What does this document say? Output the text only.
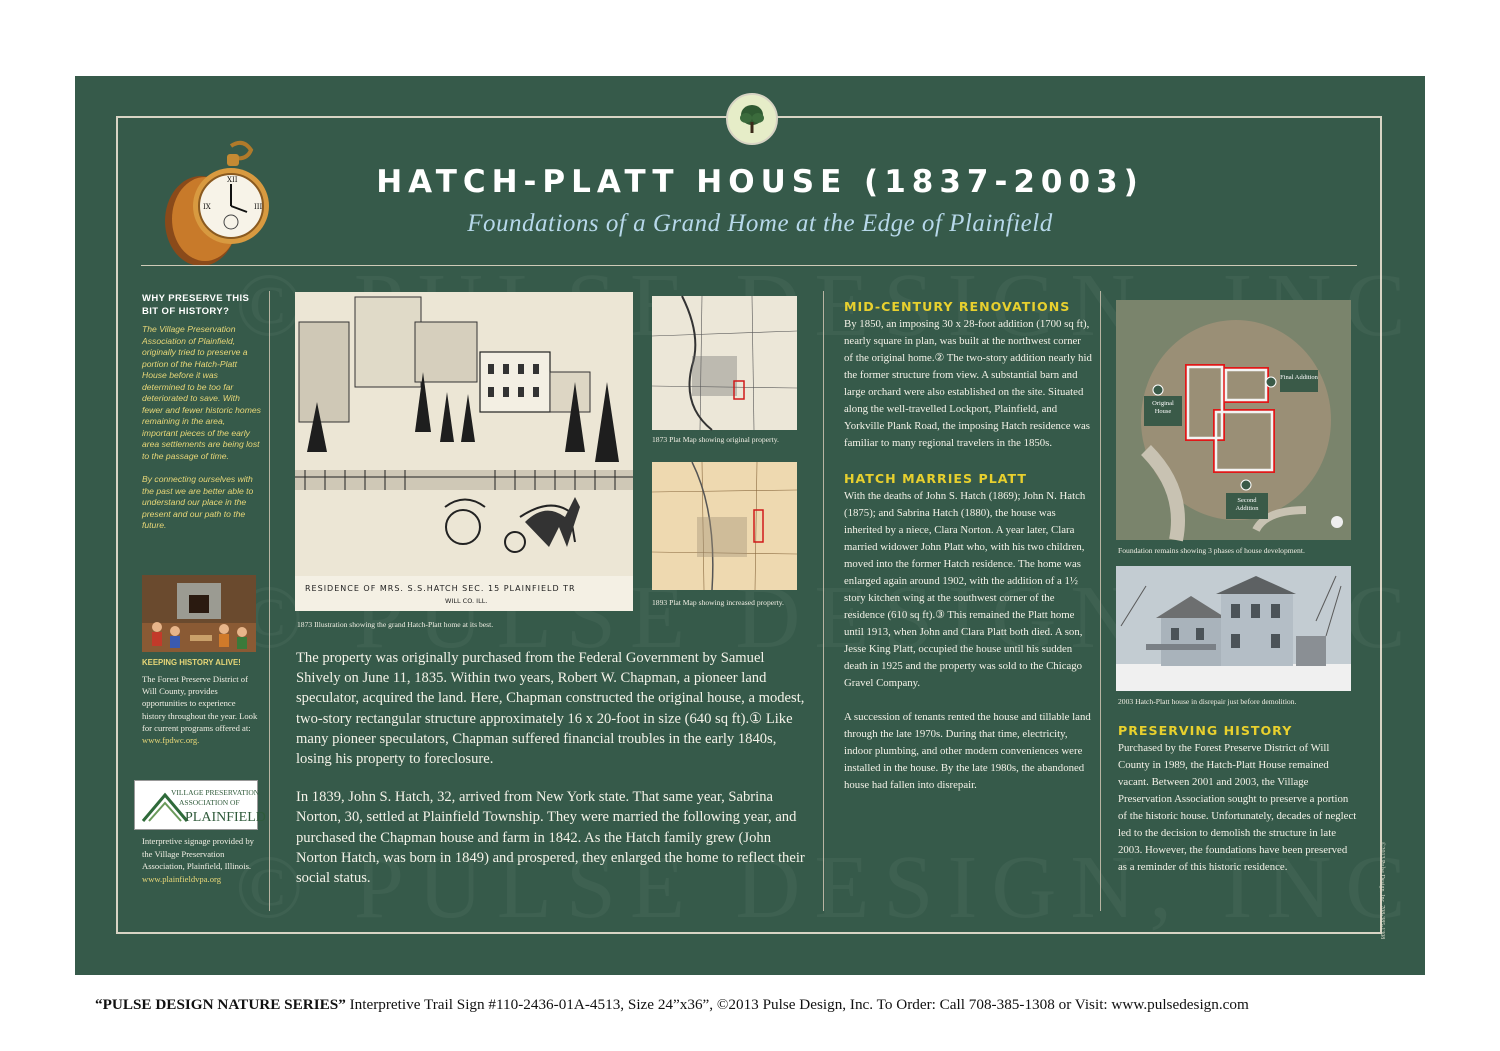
XII
III
IX
HATCH-PLATT HOUSE (1837-2003)
Foundations of a Grand Home at the Edge of Plainfield
WHY PRESERVE THIS BIT OF HISTORY?
The Village Preservation Association of Plainfield, originally tried to preserve a portion of the Hatch-Platt House before it was determined to be too far deteriorated to save. With fewer and fewer historic homes remaining in the area, important pieces of the early area settlements are being lost to the passage of time.
By connecting ourselves with the past we are better able to understand our place in the present and our path to the future.
KEEPING HISTORY ALIVE!
The Forest Preserve District of Will County, provides opportunities to experience history throughout the year. Look for current programs offered at:
www.fpdwc.org.
VILLAGE PRESERVATION
ASSOCIATION OF
PLAINFIELD
Interpretive signage provided by the Village Preservation Association, Plainfield, Illinois.
www.plainfieldvpa.org
RESIDENCE OF MRS. S.S.HATCH SEC. 15 PLAINFIELD TR
WILL CO. ILL.
1873 Illustration showing the grand Hatch-Platt home at its best.
1873 Plat Map showing original property.
1893 Plat Map showing increased property.

The property was originally purchased from the Federal Government by Samuel Shively on June 11, 1835. Within two years, Robert W. Chapman, a pioneer land speculator, acquired the land. Here, Chapman constructed the original house, a modest, two-story rectangular structure approximately 16 x 20-foot in size (640 sq ft).① Like many pioneer speculators, Chapman suffered financial troubles in the early 1840s, losing his property to foreclosure.

In 1839, John S. Hatch, 32, arrived from New York state. That same year, Sabrina Norton, 30, settled at Plainfield Township. They were married the following year, and purchased the Chapman house and farm in 1842. As the Hatch family grew (John Norton Hatch, was born in 1849) and prospered, they enlarged the home to reflect their social status.

MID-CENTURY RENOVATIONS

By 1850, an imposing 30 x 28-foot addition (1700 sq ft), nearly square in plan, was built at the northwest corner of the original home.② The two-story addition nearly hid the former structure from view. A substantial barn and large orchard were also established on the site. Situated along the well-travelled Lockport, Plainfield, and Yorkville Plank Road, the imposing Hatch residence was familiar to many regional travelers in the 1850s.

HATCH MARRIES PLATT

With the deaths of John S. Hatch (1869); John N. Hatch (1875); and Sabrina Hatch (1880), the house was inherited by a niece, Clara Norton. A year later, Clara married widower John Platt who, with his two children, moved into the former Hatch residence. The home was enlarged again around 1902, with the addition of a 1½ story kitchen wing at the southwest corner of the residence (610 sq ft).③ This remained the Platt home until 1913, when John and Clara Platt both died. A son, Jesse King Platt, occupied the house until his sudden death in 1925 and the property was sold to the Chicago Gravel Company.

A succession of tenants rented the house and tillable land through the late 1970s. During that time, electricity, indoor plumbing, and other modern conveniences were installed in the house. By the late 1980s, the abandoned house had fallen into disrepair.

Original House
Final Addition
Second Addition
Foundation remains showing 3 phases of house development.
2003 Hatch-Platt house in disrepair just before demolition.
PRESERVING HISTORY

Purchased by the Forest Preserve District of Will County in 1989, the Hatch-Platt House remained vacant. Between 2001 and 2003, the Village Preservation Association sought to preserve a portion of the historic house. Unfortunately, decades of neglect led to the decision to demolish the structure in late 2003. However, the foundations have been preserved as a reminder of this historic residence.	©2013 Pulse Design, Inc. 708-385-1308
“PULSE DESIGN NATURE SERIES” Interpretive Trail Sign #110-2436-01A-4513, Size 24”x36”, ©2013 Pulse Design, Inc. To Order: Call 708-385-1308 or Visit: www.pulsedesign.com
